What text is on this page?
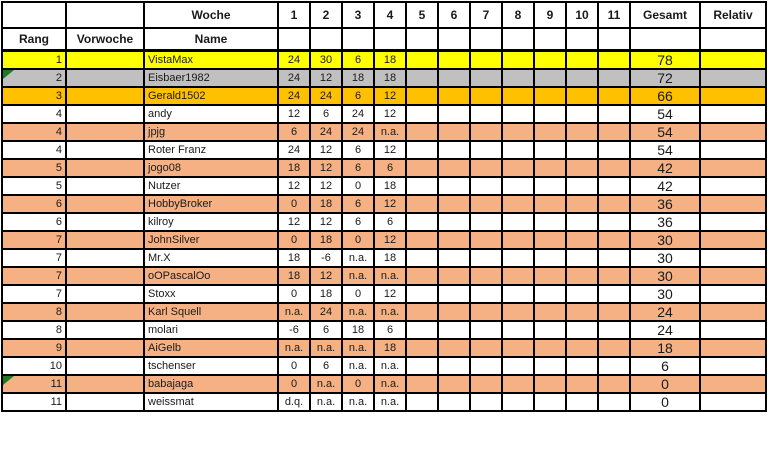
		Woche	1	2	3	4	5	6	7	8	9	10	11	Gesamt	Relativ
Rang	Vorwoche	Name													
1		VistaMax	24	30	6	18								78	
2		Eisbaer1982	24	12	18	18								72	
3		Gerald1502	24	24	6	12								66	
4		andy	12	6	24	12								54	
4		jpjg	6	24	24	n.a.								54	
4		Roter Franz	24	12	6	12								54	
5		jogo08	18	12	6	6								42	
5		Nutzer	12	12	0	18								42	
6		HobbyBroker	0	18	6	12								36	
6		kilroy	12	12	6	6								36	
7		JohnSilver	0	18	0	12								30	
7		Mr.X	18	-6	n.a.	18								30	
7		oOPascalOo	18	12	n.a.	n.a.								30	
7		Stoxx	0	18	0	12								30	
8		Karl Squell	n.a.	24	n.a.	n.a.								24	
8		molari	-6	6	18	6								24	
9		AiGelb	n.a.	n.a.	n.a.	18								18	
10		tschenser	0	6	n.a.	n.a.								6	
11		babajaga	0	n.a.	0	n.a.								0	
11		weissmat	d.q.	n.a.	n.a.	n.a.								0	
